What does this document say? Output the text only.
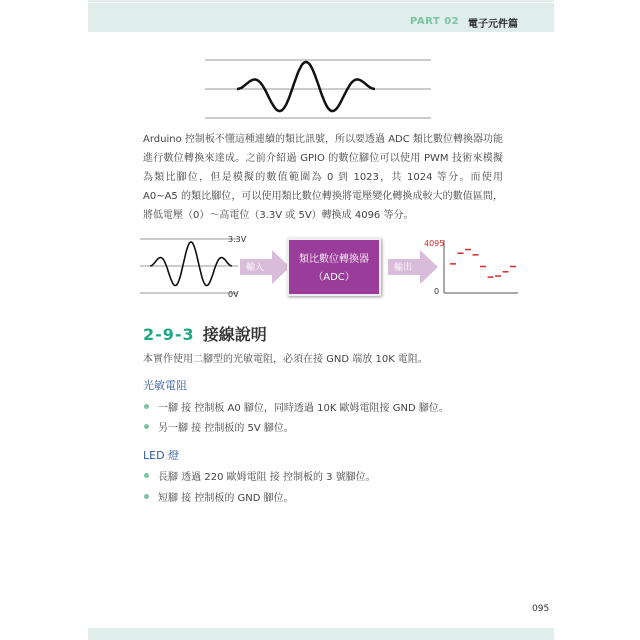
PART 02 電子元件篇
Arduino 控制板不懂這種連續的類比訊號，所以要透過 ADC 類比數位轉換器功能進行數位轉換來達成。之前介紹過 GPIO 的數位腳位可以使用 PWM 技術來模擬為類比腳位，但是模擬的數值範圍為 0 到 1023，共 1024 等分。而使用 A0~A5 的類比腳位，可以使用類比數位轉換將電壓變化轉換成較大的數值區間，將低電壓（0）～高電位（3.3V 或 5V）轉換成 4096 等分。
3.3V
0V
輸入
類比數位轉換器
（ADC）
輸出
4095
0
2-9-3 接線說明
本實作使用二腳型的光敏電阻，必須在接 GND 端放 10K 電阻。
光敏電阻
一腳 接 控制板 A0 腳位，同時透過 10K 歐姆電阻接 GND 腳位。
另一腳 接 控制板的 5V 腳位。
LED 燈
長腳 透過 220 歐姆電阻 接 控制板的 3 號腳位。
短腳 接 控制板的 GND 腳位。
095
